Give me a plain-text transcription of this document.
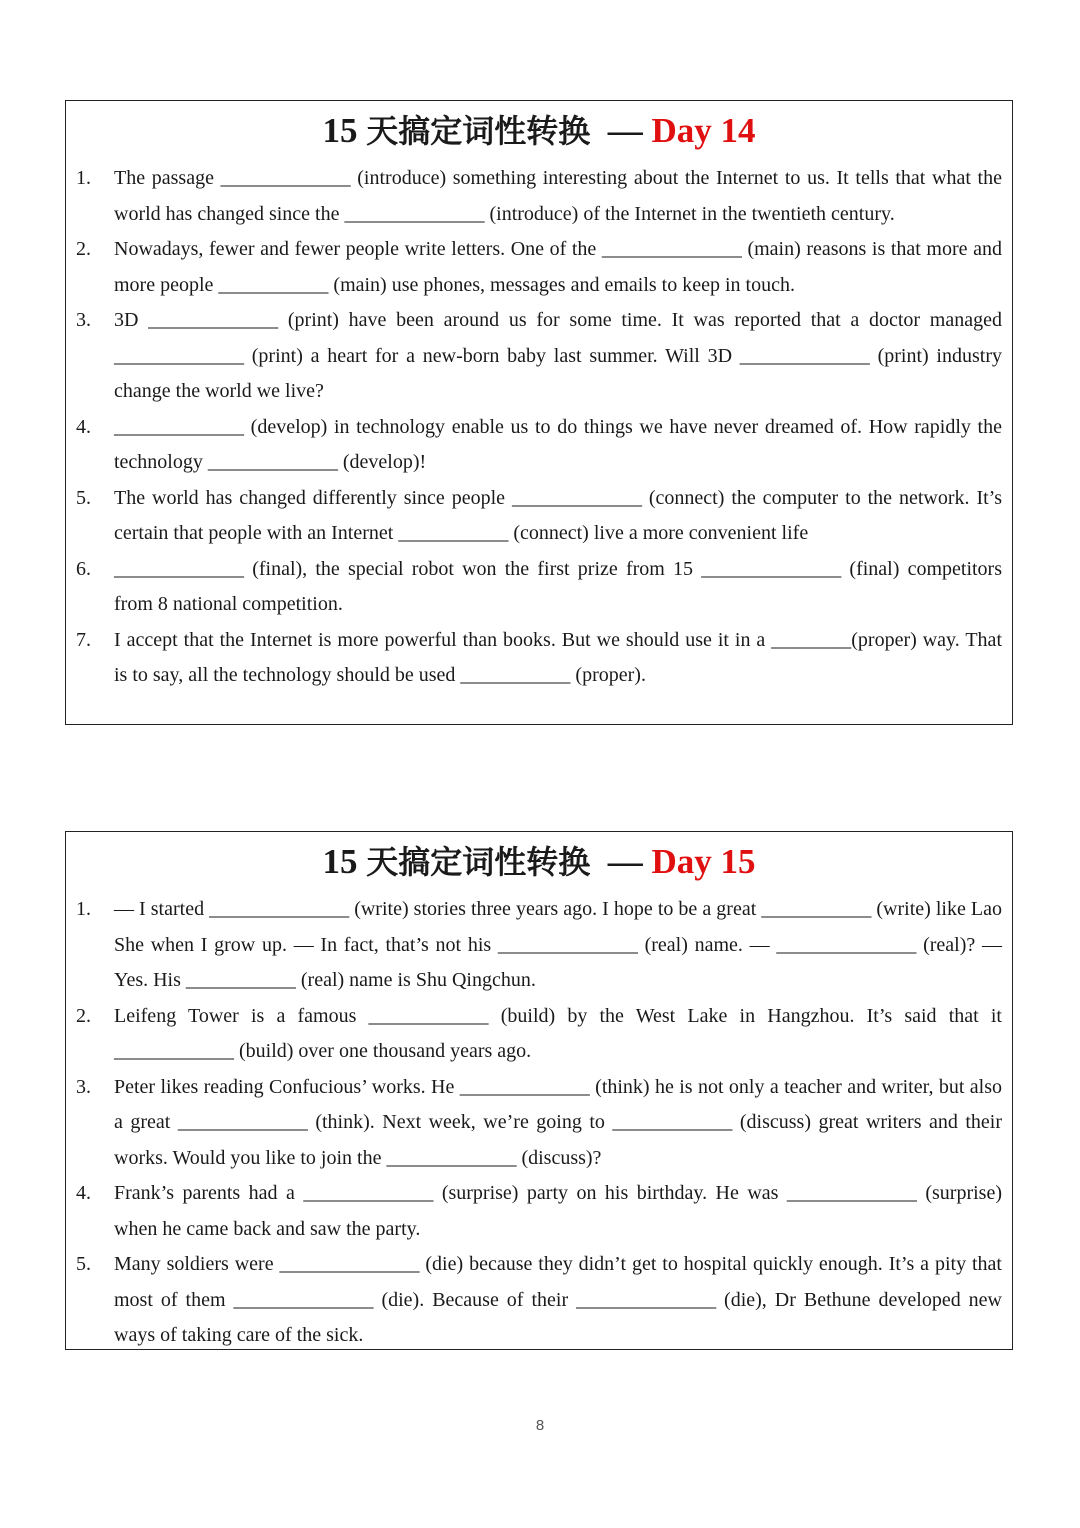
15 天搞定词性转换 — Day 14
1. The passage _____________ (introduce) something interesting about the Internet to us. It tells that what the world has changed since the ______________ (introduce) of the Internet in the twentieth century.
2. Nowadays, fewer and fewer people write letters. One of the ______________ (main) reasons is that more and more people ___________ (main) use phones, messages and emails to keep in touch.
3. 3D _____________ (print) have been around us for some time. It was reported that a doctor managed _____________ (print) a heart for a new-born baby last summer. Will 3D _____________ (print) industry change the world we live?
4. _____________ (develop) in technology enable us to do things we have never dreamed of. How rapidly the technology _____________ (develop)!
5. The world has changed differently since people _____________ (connect) the computer to the network. It’s certain that people with an Internet ___________ (connect) live a more convenient life
6. _____________ (final), the special robot won the first prize from 15 ______________ (final) competitors from 8 national competition.
7. I accept that the Internet is more powerful than books. But we should use it in a ________(proper) way. That is to say, all the technology should be used ___________ (proper).
15 天搞定词性转换 — Day 15
1. — I started ______________ (write) stories three years ago. I hope to be a great ___________ (write) like Lao She when I grow up. — In fact, that’s not his ______________ (real) name. — ______________ (real)? — Yes. His ___________ (real) name is Shu Qingchun.
2. Leifeng Tower is a famous ____________ (build) by the West Lake in Hangzhou. It’s said that it ____________ (build) over one thousand years ago.
3. Peter likes reading Confucious’ works. He _____________ (think) he is not only a teacher and writer, but also a great _____________ (think). Next week, we’re going to ____________ (discuss) great writers and their works. Would you like to join the _____________ (discuss)?
4. Frank’s parents had a _____________ (surprise) party on his birthday. He was _____________ (surprise) when he came back and saw the party.
5. Many soldiers were ______________ (die) because they didn’t get to hospital quickly enough. It’s a pity that most of them ______________ (die). Because of their ______________ (die), Dr Bethune developed new ways of taking care of the sick.
8
